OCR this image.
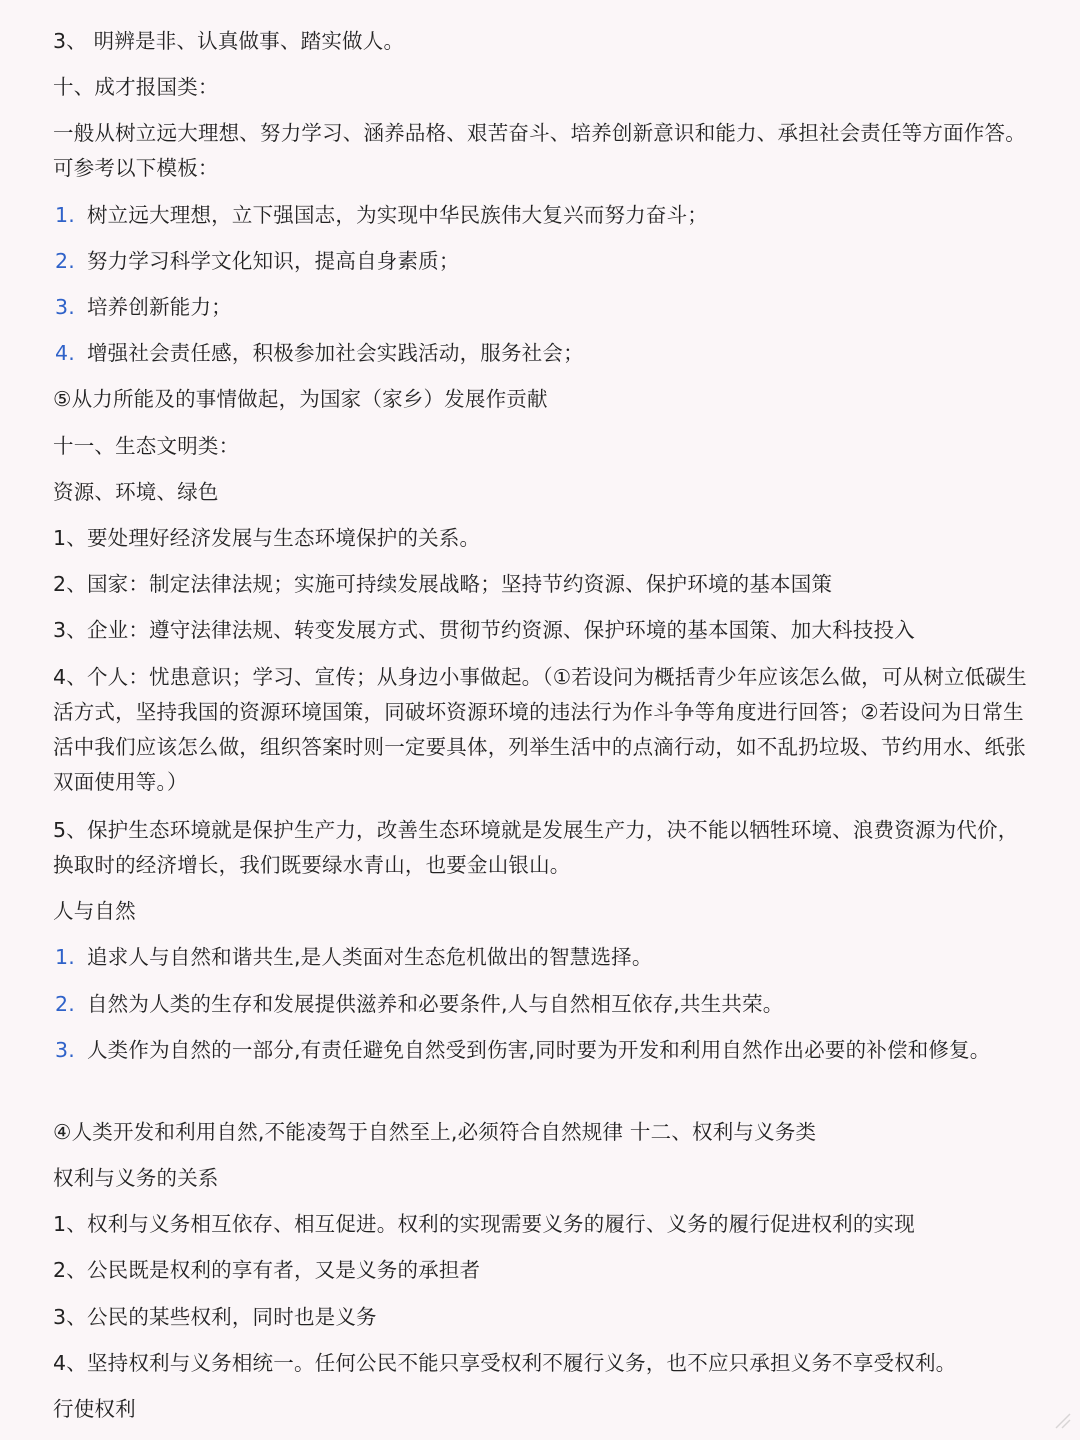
3、 明辨是非、认真做事、踏实做人。
十、成才报国类：
一般从树立远大理想、努力学习、涵养品格、艰苦奋斗、培养创新意识和能力、承担社会责任等方面作答。可参考以下模板：
1. 树立远大理想，立下强国志，为实现中华民族伟大复兴而努力奋斗；
2. 努力学习科学文化知识，提高自身素质；
3. 培养创新能力；
4. 增强社会责任感，积极参加社会实践活动，服务社会；
⑤从力所能及的事情做起，为国家（家乡）发展作贡献
十一、生态文明类：
资源、环境、绿色
1、要处理好经济发展与生态环境保护的关系。
2、国家：制定法律法规；实施可持续发展战略；坚持节约资源、保护环境的基本国策
3、企业：遵守法律法规、转变发展方式、贯彻节约资源、保护环境的基本国策、加大科技投入
4、个人：忧患意识；学习、宣传；从身边小事做起。（①若设问为概括青少年应该怎么做，可从树立低碳生活方式，坚持我国的资源环境国策，同破坏资源环境的违法行为作斗争等角度进行回答；②若设问为日常生活中我们应该怎么做，组织答案时则一定要具体，列举生活中的点滴行动，如不乱扔垃圾、节约用水、纸张双面使用等。）
5、保护生态环境就是保护生产力，改善生态环境就是发展生产力，决不能以牺牲环境、浪费资源为代价，换取时的经济增长，我们既要绿水青山，也要金山银山。
人与自然
1. 追求人与自然和谐共生,是人类面对生态危机做出的智慧选择。
2. 自然为人类的生存和发展提供滋养和必要条件,人与自然相互依存,共生共荣。
3. 人类作为自然的一部分,有责任避免自然受到伤害,同时要为开发和利用自然作出必要的补偿和修复。
④人类开发和利用自然,不能凌驾于自然至上,必须符合自然规律 十二、权利与义务类
权利与义务的关系
1、权利与义务相互依存、相互促进。权利的实现需要义务的履行、义务的履行促进权利的实现
2、公民既是权利的享有者，又是义务的承担者
3、公民的某些权利，同时也是义务
4、坚持权利与义务相统一。任何公民不能只享受权利不履行义务，也不应只承担义务不享受权利。
行使权利
